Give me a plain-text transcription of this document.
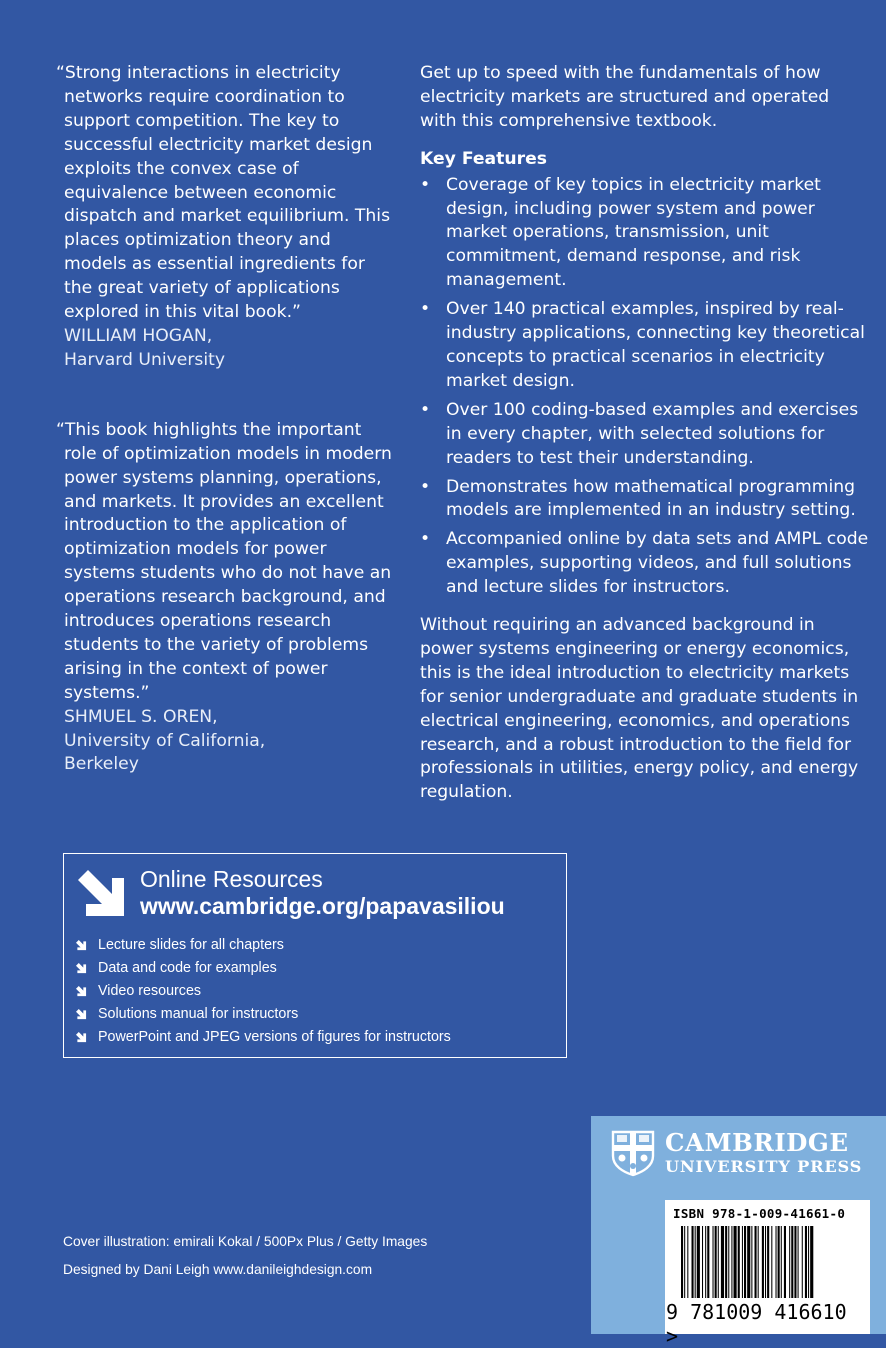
“Strong interactions in electricity networks require coordination to support competition. The key to successful electricity market design exploits the convex case of equivalence between economic dispatch and market equilibrium. This places optimization theory and models as essential ingredients for the great variety of applications explored in this vital book.”

WILLIAM HOGAN,

Harvard University

“This book highlights the important role of optimization models in modern power systems planning, operations, and markets. It provides an excellent introduction to the application of optimization models for power systems students who do not have an operations research background, and introduces operations research students to the variety of problems arising in the context of power systems.”

SHMUEL S. OREN,

University of California, Berkeley

Get up to speed with the fundamentals of how electricity markets are structured and operated with this comprehensive textbook.

Key Features

• Coverage of key topics in electricity market design, including power system and power market operations, transmission, unit commitment, demand response, and risk management.
• Over 140 practical examples, inspired by real-industry applications, connecting key theoretical concepts to practical scenarios in electricity market design.
• Over 100 coding-based examples and exercises in every chapter, with selected solutions for readers to test their understanding.
• Demonstrates how mathematical programming models are implemented in an industry setting.
• Accompanied online by data sets and AMPL code examples, supporting videos, and full solutions and lecture slides for instructors.

Without requiring an advanced background in power systems engineering or energy economics, this is the ideal introduction to electricity markets for senior undergraduate and graduate students in electrical engineering, economics, and operations research, and a robust introduction to the field for professionals in utilities, energy policy, and energy regulation.

Online Resources
www.cambridge.org/papavasiliou
Lecture slides for all chapters
Data and code for examples
Video resources
Solutions manual for instructors
PowerPoint and JPEG versions of figures for instructors

Cover illustration: emirali Kokal / 500Px Plus / Getty Images

Designed by Dani Leigh www.danileighdesign.com

CAMBRIDGE
UNIVERSITY PRESS
ISBN 978-1-009-41661-0
9 781009 416610 >
